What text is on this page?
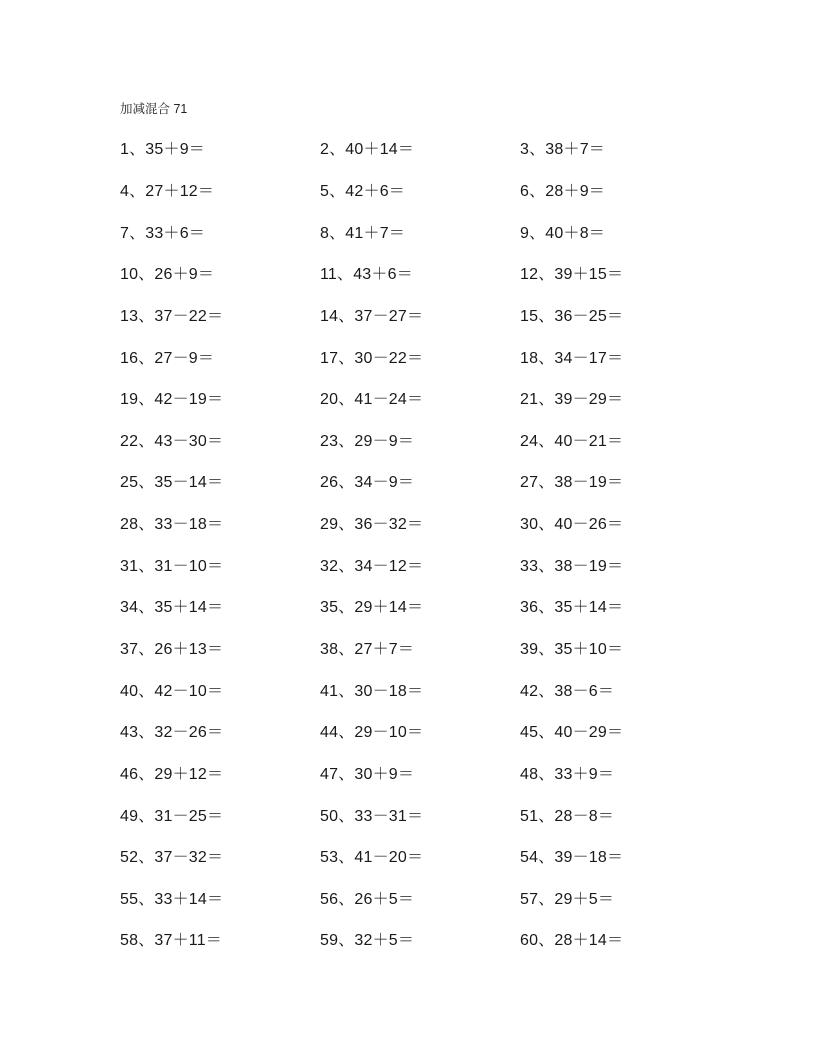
加减混合 71
1、35＋9＝	2、40＋14＝	3、38＋7＝
4、27＋12＝	5、42＋6＝	6、28＋9＝
7、33＋6＝	8、41＋7＝	9、40＋8＝
10、26＋9＝	11、43＋6＝	12、39＋15＝
13、37－22＝	14、37－27＝	15、36－25＝
16、27－9＝	17、30－22＝	18、34－17＝
19、42－19＝	20、41－24＝	21、39－29＝
22、43－30＝	23、29－9＝	24、40－21＝
25、35－14＝	26、34－9＝	27、38－19＝
28、33－18＝	29、36－32＝	30、40－26＝
31、31－10＝	32、34－12＝	33、38－19＝
34、35＋14＝	35、29＋14＝	36、35＋14＝
37、26＋13＝	38、27＋7＝	39、35＋10＝
40、42－10＝	41、30－18＝	42、38－6＝
43、32－26＝	44、29－10＝	45、40－29＝
46、29＋12＝	47、30＋9＝	48、33＋9＝
49、31－25＝	50、33－31＝	51、28－8＝
52、37－32＝	53、41－20＝	54、39－18＝
55、33＋14＝	56、26＋5＝	57、29＋5＝
58、37＋11＝	59、32＋5＝	60、28＋14＝
